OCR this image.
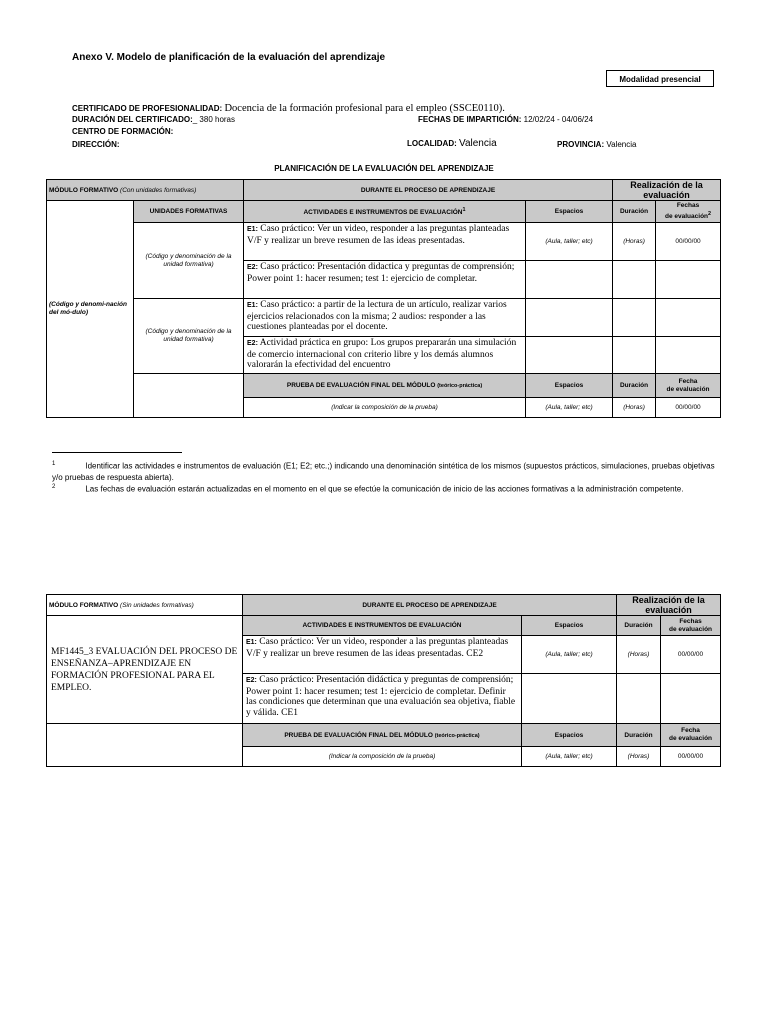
Anexo V. Modelo de planificación de la evaluación del aprendizaje
Modalidad presencial
CERTIFICADO DE PROFESIONALIDAD: Docencia de la formación profesional para el empleo (SSCE0110).
DURACIÓN DEL CERTIFICADO:_ 380 horas	FECHAS DE IMPARTICIÓN: 12/02/24 - 04/06/24
CENTRO DE FORMACIÓN:
DIRECCIÓN:	LOCALIDAD: Valencia	PROVINCIA: Valencia
PLANIFICACIÓN DE LA EVALUACIÓN DEL APRENDIZAJE
MÓDULO FORMATIVO (Con unidades formativas)		DURANTE EL PROCESO DE APRENDIZAJE		Realización de la evaluación	
(Código y denomi-nación del mó-dulo)	UNIDADES FORMATIVAS	ACTIVIDADES E INSTRUMENTOS DE EVALUACIÓN$^1$	Espacios	Duración	Fechas
de evaluación$^2$
	(Código y denominación de la unidad formativa)	E1: Caso práctico: Ver un video, responder a las preguntas planteadas V/F y realizar un breve resumen de las ideas presentadas.	(Aula, taller; etc)	(Horas)	00/00/00
		E2: Caso práctico: Presentación didactica y preguntas de comprensión; Power point 1: hacer resumen; test 1: ejercicio de completar.			
	(Código y denominación de la unidad formativa)	E1: Caso práctico: a partir de la lectura de un artículo, realizar varios ejercicios relacionados con la misma; 2 audios: responder a las cuestiones planteadas por el docente.			
		E2: Actividad práctica en grupo: Los grupos prepararán una simulación de comercio internacional con criterio libre y los demás alumnos valorarán la efectividad del encuentro			
		PRUEBA DE EVALUACIÓN FINAL DEL MÓDULO (teórico-práctica)	Espacios	Duración	Fecha
de evaluación
		(Indicar la composición de la prueba)	(Aula, taller; etc)	(Horas)	00/00/00
$^1$	Identificar las actividades e instrumentos de evaluación (E1; E2; etc.;) indicando una denominación sintética de los mismos (supuestos prácticos, simulaciones, pruebas objetivas y/o pruebas de respuesta abierta).
$^2$	Las fechas de evaluación estarán actualizadas en el momento en el que se efectúe la comunicación de inicio de las acciones formativas a la administración competente.
MÓDULO FORMATIVO (Sin unidades formativas)	DURANTE EL PROCESO DE APRENDIZAJE		Realización de la evaluación	
MF1445_3 EVALUACIÓN DEL PROCESO DE ENSEÑANZA–APRENDIZAJE EN FORMACIÓN PROFESIONAL PARA EL EMPLEO.	ACTIVIDADES E INSTRUMENTOS DE EVALUACIÓN	Espacios	Duración	Fechas
de evaluación
	E1: Caso práctico: Ver un video, responder a las preguntas planteadas V/F y realizar un breve resumen de las ideas presentadas. CE2	(Aula, taller; etc)	(Horas)	00/00/00
	E2: Caso práctico: Presentación didáctica y preguntas de comprensión; Power point 1: hacer resumen; test 1: ejercicio de completar. Definir las condiciones que determinan que una evaluación sea objetiva, fiable y válida. CE1			
	PRUEBA DE EVALUACIÓN FINAL DEL MÓDULO (teórico-práctica)	Espacios	Duración	Fecha
de evaluación
	(Indicar la composición de la prueba)	(Aula, taller; etc)	(Horas)	00/00/00
